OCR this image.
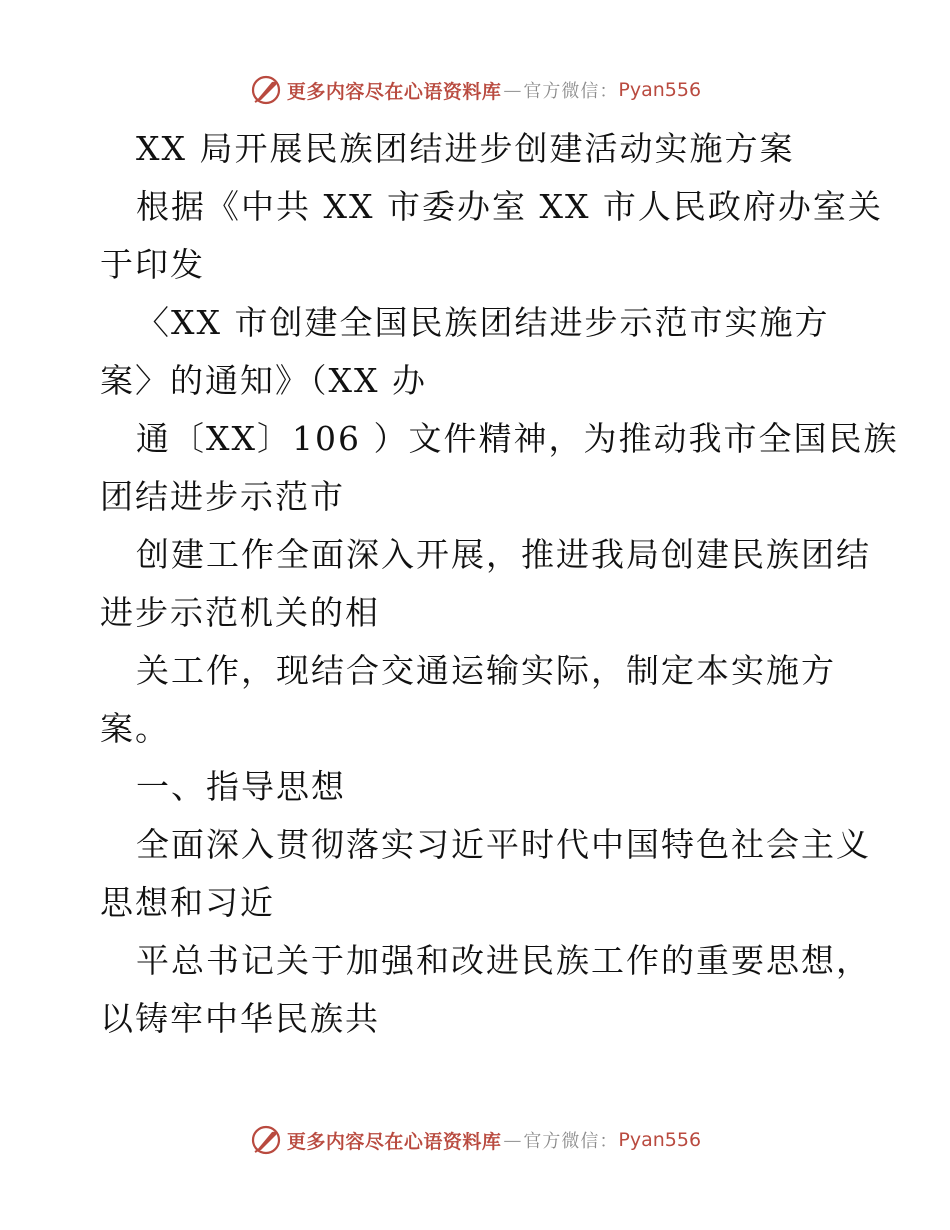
更多内容尽在心语资料库 — 官方微信： Pyan556
XX 局开展民族团结进步创建活动实施方案
根据《中共 XX 市委办室 XX 市人民政府办室关
于印发
〈XX 市创建全国民族团结进步示范市实施方
案〉的通知》（XX 办
通〔XX〕106 ）文件精神，为推动我市全国民族
团结进步示范市
创建工作全面深入开展，推进我局创建民族团结
进步示范机关的相
关工作，现结合交通运输实际，制定本实施方
案。
一、指导思想
全面深入贯彻落实习近平时代中国特色社会主义
思想和习近
平总书记关于加强和改进民族工作的重要思想，
以铸牢中华民族共
更多内容尽在心语资料库 — 官方微信： Pyan556
